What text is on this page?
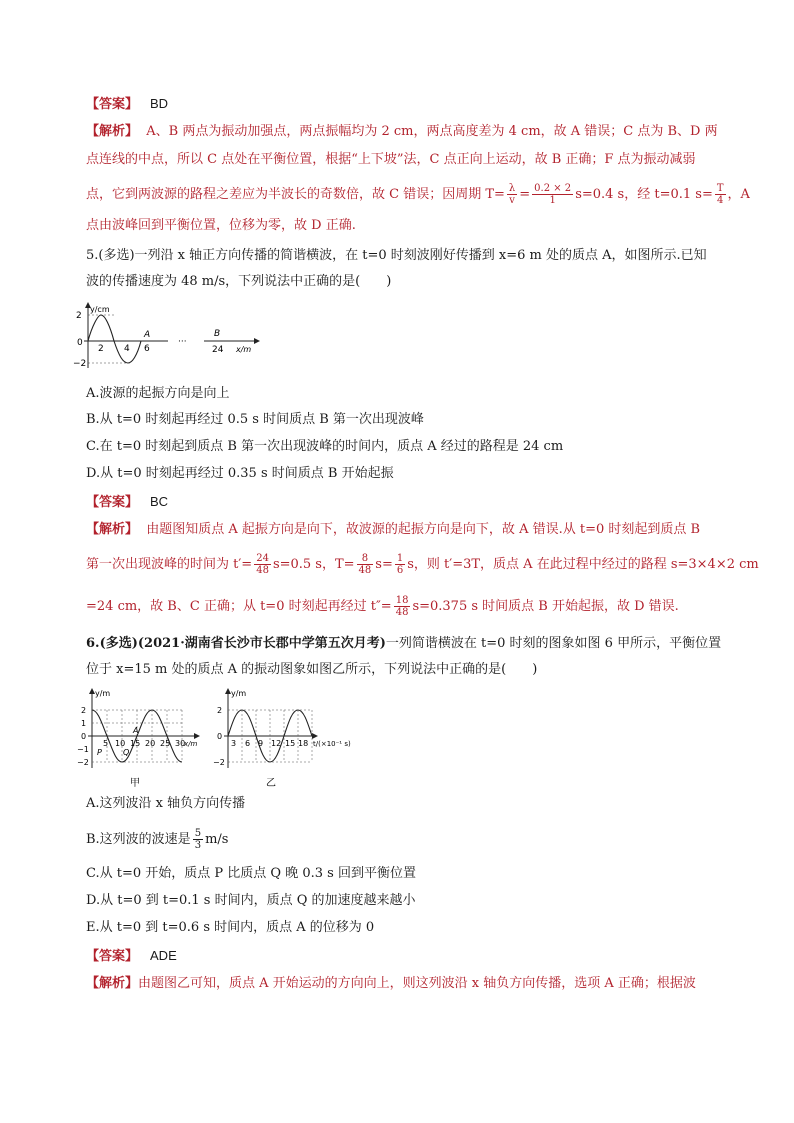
【答案】 BD
【解析】 A、B 两点为振动加强点，两点振幅均为 2 cm，两点高度差为 4 cm，故 A 错误；C 点为 B、D 两
点连线的中点，所以 C 点处在平衡位置，根据“上下坡”法，C 点正向上运动，故 B 正确；F 点为振动减弱
点，它到两波源的路程之差应为半波长的奇数倍，故 C 错误；因周期 $T= \frac{\lambda}{v} = \frac{0.2 \times 2}{1} s=0.4$ s，经 t=0.1 $s= \frac{T}{4}$ ，A
点由波峰回到平衡位置，位移为零，故 D 正确.
5.(多选)一列沿 x 轴正方向传播的简谐横波，在 t=0 时刻波刚好传播到 x=6 m 处的质点 A，如图所示.已知
波的传播速度为 48 m/s，下列说法中正确的是(　　)
y/cm
2
0
−2
2 4 6
A
···
B
24 x/m
A.波源的起振方向是向上
B.从 t=0 时刻起再经过 0.5 s 时间质点 B 第一次出现波峰
C.在 t=0 时刻起到质点 B 第一次出现波峰的时间内，质点 A 经过的路程是 24 cm
D.从 t=0 时刻起再经过 0.35 s 时间质点 B 开始起振
【答案】 BC
【解析】 由题图知质点 A 起振方向是向下，故波源的起振方向是向下，故 A 错误.从 t=0 时刻起到质点 B
第一次出现波峰的时间为 $t'= \frac{24}{48} s=0.5$ s，$T= \frac{8}{48} s= \frac{1}{6}$ s，则 t′=3T，质点 A 在此过程中经过的路程 s=3×4×2 cm
=24 cm，故 B、C 正确；从 t=0 时刻起再经过 $t''= \frac{18}{48} s=0.375$ s 时间质点 B 开始起振，故 D 错误.
6.(多选)(2021·湖南省长沙市长郡中学第五次月考)一列简谐横波在 t=0 时刻的图象如图 6 甲所示，平衡位置
位于 x=15 m 处的质点 A 的振动图象如图乙所示，下列说法中正确的是(　　)
y/m
2
1
0
−1
−2
5 10 15 20 25 30
x/m
A
P	Q
甲
y/m
2
0
−2
3 6 9 12 15 18 t/(×10⁻¹ s)
乙
A.这列波沿 x 轴负方向传播
B.这列波的波速是 $\frac{5}{3} m/s$
C.从 t=0 开始，质点 P 比质点 Q 晚 0.3 s 回到平衡位置
D.从 t=0 到 t=0.1 s 时间内，质点 Q 的加速度越来越小
E.从 t=0 到 t=0.6 s 时间内，质点 A 的位移为 0
【答案】 ADE
【解析】由题图乙可知，质点 A 开始运动的方向向上，则这列波沿 x 轴负方向传播，选项 A 正确；根据波
